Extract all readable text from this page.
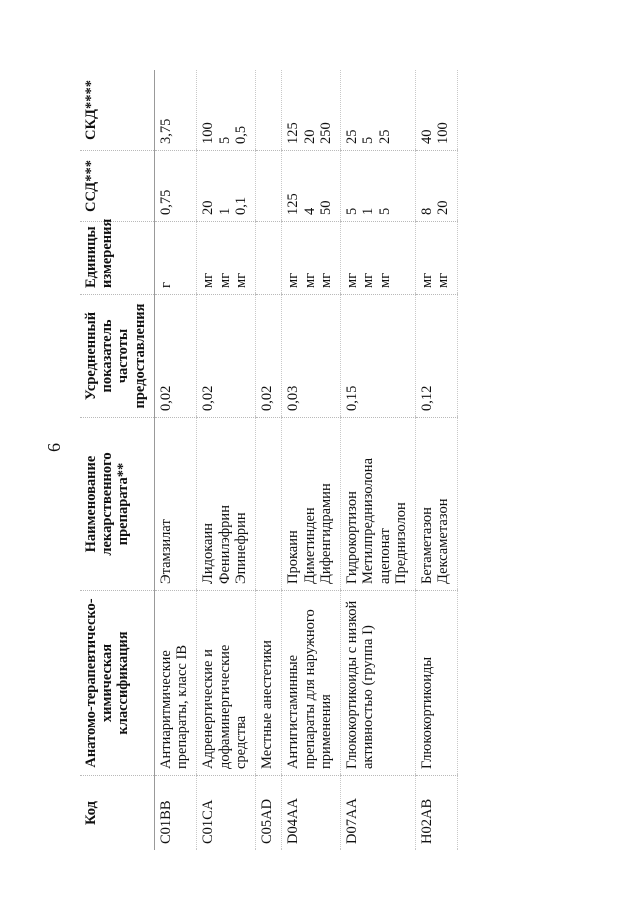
6
Код	Анатомо-терапевтическо-химическая классификация	Наименование лекарственного препарата**	Усредненный показатель частоты предоставления	Единицы измерения	ССД***	СКД****

C01BB	Антиаритмические препараты, класс IB	Этамзилат	0,02	г	0,75	3,75

C01CA	Адренергические и дофаминергические средства	Лидокаин Фенилэфрин Эпинефрин	0,02	мг мг мг	20 1 0,1	100 5 0,5

C05AD	Местные анестетики		0,02			

D04AA	Антигистаминные препараты для наружного применения	Прокаин Диметинден Дифенгидрамин	0,03	мг мг мг	125 4 50	125 20 250

D07AA	Глюкокортикоиды с низкой активностью (группа I)	Гидрокортизон Метилпреднизолона ацепонат Преднизолон	0,15	мг мг мг	5 1 5	25 5 25

H02AB	Глюкокортикоиды	Бетаметазон Дексаметазон	0,12	мг мг	8 20	40 100
